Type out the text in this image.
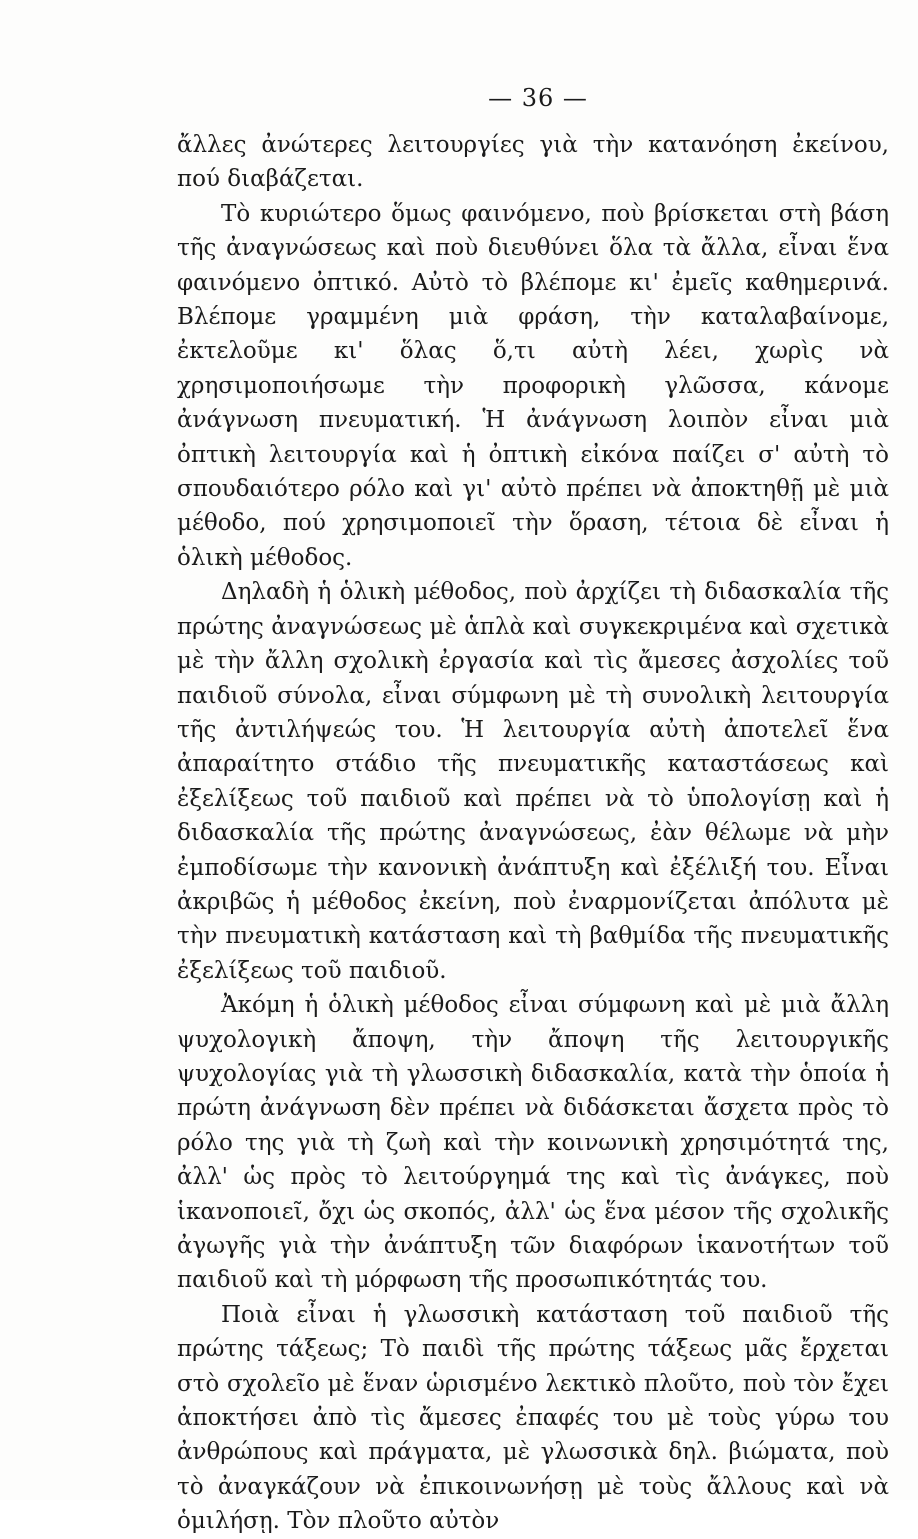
— 36 —

ἄλλες ἀνώτερες λειτουργίες γιὰ τὴν κατανόηση ἐκείνου, πού διαβάζεται.

Τὸ κυριώτερο ὅμως φαινόμενο, ποὺ βρίσκεται στὴ βάση τῆς ἀναγνώσεως καὶ ποὺ διευθύνει ὅλα τὰ ἄλλα, εἶναι ἕνα φαινόμενο ὀπτικό. Αὐτὸ τὸ βλέπομε κι' ἐμεῖς καθημερινά. Βλέπομε γραμμένη μιὰ φράση, τὴν καταλαβαίνομε, ἐκτελοῦμε κι' ὅλας ὅ,τι αὐτὴ λέει, χωρὶς νὰ χρησιμοποιήσωμε τὴν προφορικὴ γλῶσσα, κάνομε ἀνάγνωση πνευματική. Ἡ ἀνάγνωση λοιπὸν εἶναι μιὰ ὀπτικὴ λειτουργία καὶ ἡ ὀπτικὴ εἰκόνα παίζει σ' αὐτὴ τὸ σπουδαιότερο ρόλο καὶ γι' αὐτὸ πρέπει νὰ ἀποκτηθῇ μὲ μιὰ μέθοδο, πού χρησιμοποιεῖ τὴν ὅραση, τέτοια δὲ εἶναι ἡ ὁλικὴ μέθοδος.

Δηλαδὴ ἡ ὁλικὴ μέθοδος, ποὺ ἀρχίζει τὴ διδασκαλία τῆς πρώτης ἀναγνώσεως μὲ ἁπλὰ καὶ συγκεκριμένα καὶ σχετικὰ μὲ τὴν ἄλλη σχολικὴ ἐργασία καὶ τὶς ἄμεσες ἀσχολίες τοῦ παιδιοῦ σύνολα, εἶναι σύμφωνη μὲ τὴ συνολικὴ λειτουργία τῆς ἀντιλήψεώς του. Ἡ λειτουργία αὐτὴ ἀποτελεῖ ἕνα ἀπαραίτητο στάδιο τῆς πνευματικῆς καταστάσεως καὶ ἐξελίξεως τοῦ παιδιοῦ καὶ πρέπει νὰ τὸ ὑπολογίσῃ καὶ ἡ διδασκαλία τῆς πρώτης ἀναγνώσεως, ἐὰν θέλωμε νὰ μὴν ἐμποδίσωμε τὴν κανονικὴ ἀνάπτυξη καὶ ἐξέλιξή του. Εἶναι ἀκριβῶς ἡ μέθοδος ἐκείνη, ποὺ ἐναρμονίζεται ἀπόλυτα μὲ τὴν πνευματικὴ κατάσταση καὶ τὴ βαθμίδα τῆς πνευματικῆς ἐξελίξεως τοῦ παιδιοῦ.

Ἀκόμη ἡ ὁλικὴ μέθοδος εἶναι σύμφωνη καὶ μὲ μιὰ ἄλλη ψυχολογικὴ ἄποψη, τὴν ἄποψη τῆς λειτουργικῆς ψυχολογίας γιὰ τὴ γλωσσικὴ διδασκαλία, κατὰ τὴν ὁποία ἡ πρώτη ἀνάγνωση δὲν πρέπει νὰ διδάσκεται ἄσχετα πρὸς τὸ ρόλο της γιὰ τὴ ζωὴ καὶ τὴν κοινωνικὴ χρησιμότητά της, ἀλλ' ὡς πρὸς τὸ λειτούργημά της καὶ τὶς ἀνάγκες, ποὺ ἱκανοποιεῖ, ὄχι ὡς σκοπός, ἀλλ' ὡς ἕνα μέσον τῆς σχολικῆς ἀγωγῆς γιὰ τὴν ἀνάπτυξη τῶν διαφόρων ἱκανοτήτων τοῦ παιδιοῦ καὶ τὴ μόρφωση τῆς προσωπικότητάς του.

Ποιὰ εἶναι ἡ γλωσσικὴ κατάσταση τοῦ παιδιοῦ τῆς πρώτης τάξεως; Τὸ παιδὶ τῆς πρώτης τάξεως μᾶς ἔρχεται στὸ σχολεῖο μὲ ἕναν ὡρισμένο λεκτικὸ πλοῦτο, ποὺ τὸν ἔχει ἀποκτήσει ἀπὸ τὶς ἄμεσες ἐπαφές του μὲ τοὺς γύρω του ἀνθρώπους καὶ πράγματα, μὲ γλωσσικὰ δηλ. βιώματα, ποὺ τὸ ἀναγκάζουν νὰ ἐπικοινωνήσῃ μὲ τοὺς ἄλλους καὶ νὰ ὁμιλήσῃ. Τὸν πλοῦτο αὐτὸν
